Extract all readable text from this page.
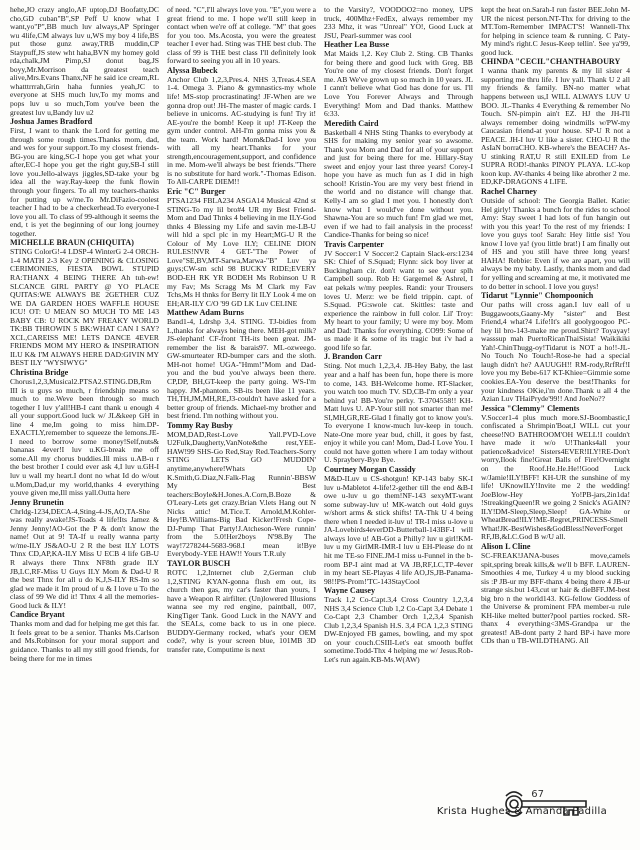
hehe,JO crazy anglo,AF uptop,DJ Boofatty,DC cho,GD cuban"B",SP Peff U know what I want,yo"P",BB much luv always,AP Springer wu 4life,CM always luv u,WS my boy 4 life,BS put those gunz away,TRB muddin,CP Staypuff,JS stew wht haha,BVN my homey gold rda,chalk,JM Pimp,SJ donut bag,JS boyy,Mr.Morrison da greatest teach alive,Mrs.Evans Thanx,NF he said ice cream,RL whatttrrrah,Grin haha funnies yeah,JC to everyone at SHS much luv,To my moms and pops luv u so much,Tom you've been the greatest luv u,Bandy luv u2

Joshua James Bradford

First, I want to thank the Lord for getting me through some rough times.Thanks mom, dad, and wes for your support.To my closest friends-BG-you are king,SC-I hope you get what your after,EC-I hope you get the right guy,SB-I still love you.Jello-always jiggles,SD-take your bg idea all the way.Ray-keep the funk flowin through your fingers. To all my teachers-thanks for putting up w/me.To Mr.DiFazio-coolest teacher I had to be a checkerhead.To everyone-I love you all. To class of 99-although it seems the end, t is yet the beginning of our long journey together.

MICHELLE BRAUN (CHIQUITA)

STING ColorG!-4 LDSP-4 WinterG 2-4 ORCH-1-4 MATH 2-3 Key 2 OPENING & CLOSING CERIMONIES, FIESTA BOWL STUPID RA:THANX 4 BEING THERE Ah tuh-ew! SLCANCE GIRL PARTY @ YO PLACE QUITAS:WE ALWAYS BE 2GETHER CUZ WE DA GARDEN HOES WAFFLE HOUSE ICU! OT: U MEAN SO MUCH TO ME 143 BABY CB: U ROCK MY FREAKY WORLD TK:BB THROWIN 5 BK:WHAT CAN I SAY? XCL,CAREISS ME! LETS DANCE 4EVER FRIENDS MOM MY HERO & INSPIRATION ILU K& I'M ALWAYS HERE DAD:GIVIN MY BEST ILY "WYSIWYG"

Christina Bridge

Chorus1,2,3,Musical2.PTSA2.STING.DB,Rm III is u guys so much, r friendship means so much to me.Weve been through so much together I luv y'all!HB-I cant thank u enough 4 all your support.Good luck w/ JL&keep GH in line 4 me,Im going to miss him.DP-EXACTLY,remember to squeeze the lemons.JE-I need to borrow some money!Self,nuts& bananas 4ever!I luv u.KG-break me off some.All my chorus buddies.Ill miss u.AB-u r the best brother I could ever ask 4,I luv u.GH-I luv u wall my heart.I dont no what Id do w/out u.Mom,Dad,ur my world,thanks 4 everything youve given me,Ill miss yall.Outta here

Jenny Brunetin

Chrldg-1234,DECA-4,Sting-4-JS,AO,TA-She was really awake!JS-Toads 4 life!Its Jamez & Jenny Jenny!AO-Got the P & don't know the name! Out at 9! TA-If u really wanna party w/me-ILY JS&AO-U 2 R the best ILY LOTS Thnx CD,AP,KA-ILY Miss U ECB 4 life GB-U R always there Thnx NF8th grade ILY JB,LC,RF-Miss U Guys ILY Mom & Dad-U R the best Thnx for all u do K,J,S-ILY RS-Im so glad we made it Im proud of u & I love u To the class of 99 We did it! Thnx 4 all the memories-Good luck & ILY!

Candice Bryant

Thanks mom and dad for helping me get this far. It feels great to be a senior. Thanks Ms.Carlson and Ms.Robinson for your moral support and guidance. Thanks to all my still good friends, for being there for me in times

of need. "C",I'll always love you. "E",you were a great friend to me. I hope we'll still keep in contact when we're off at college. "M" that goes for you too. Ms.Acosta, you were the greatest teacher I ever had. Sting was THE best club. The class of 99 is THE best class I'll definitely look forward to seeing you all in 10 years.

Alyssa Bubeck

Anchor Club 1,2,3,Pres.4. NHS 3,Treas.4.SEA 1-4. Omega 3. Piano & gymnastics-my whole life! MS-stop procrastinating! JF-When are we gonna drop out! JH-The master of magic cards. I believe in unicorns. AC-studying is fun! Try it! AE-you're the bomb! Keep it up! JT-Keep the gym under control. AH-I'm gonna miss you & the team. Work hard! Mom&Dad-I love you with all my heart.Thanks for your strength,encouragement,support, and confidence in me. Mom-we'll always be best friends."There is no substitute for hard work."-Thomas Edison. To All-CARPE DIEM!!

Eric "C" Burger

PTSA1234 FBLA234 ASGA14 Musical 42nd st STING-To my lil bro#4 UR my Best Friend-Mom and Dad Thnks 4 believing in me ILY-God thnks 4 Blessing my Life and savin me-LB-U will hld a spcl plc in my Heart;MG-U R the Colour of My Love ILY; CELINE DION RULES!NVR 4 GET-"The Power of Love"SE,BV,MT-Sarwa,Marwa-"B" Luv ya guys;CW-sm schl 98 BUCKY RIDE;EVERY BOD-EH RK YR BODEH Ms Robinson U R my Fav; Ms Scragg Ms M Clark my Fav Tchs,Ms H thnks for Berry lit ILY Look 4 me on EH;AR-ILY C/O '99 GD LK Luv CELINE

Matthew Adam Burns

Band1-4, Ldrshp 3,4. STING. TJ-bidies from L,thanks for always being there. MEH-got milk?JS-elephant! CF-front TH-its been great. JM-remember the list & barais97. ML-ozweego. GW-smurteater RD-bumper cars and the sloth. MH-not home! UGA-"Hmm!"Mom and Dad-you and the bud you've always been there. CP,DP, BH,GT-keep the party going. WS-I'm happy. JM-phantom. SB-its been like 11 years. TH,TH,JM,MH,RE,J3-couldn't have asked for a better group of friends. Michael-my brother and best friend. I'm nothing without you.

Tommy Ray Busby

MOM,DAD,Rest-Love Yall.PVD-Love U2Fulk,Daugherty,VanNote&the rest,YEE-HAW!99 SHS-Go Red,Stay Red.Teachers-Sorry STING LETS GO MUDDIN' anytime,anywhere!Whats Up K.Smith,G.Diaz,N.Falk-Flag Runnin'-BBSW My Best teachers:Boyle&H.Jones.A.Corn,B.Boze & O'Leary-Lets get crazy.Brian V.lets Hang out N Nicks attic! M.Tice.T. Arnold,M.Kohler-Hey!B.Williams-Big Bad Kicker!Fresh Cope-DJ-Pump That Party!J.Atcheson-Were runnin' from the 5.0!Her2boys N'98.By The way!7278244-5683-968.I mean it!Bye Everybody-YEE HAW!! Yours T.R.uly

TAYLOR BUSCH

ROTC 1,2,Internet club 2,German club 1,2,STING KYAN-gonna flush em out, its church then gas, my car's faster than yours, I have a Weapon R airfilter. (Un)lowered Illusions wanna see my red engine, paintball, 007, KingTiger Tank. Good Luck in the NAVY and the SEALs, come back to us in one piece. BUDDY-Germany rocked, what's your OEM code?, why is your screen blue, 101MB 3D transfer rate, Computime is next

to the Varsity?, VOODOO2=no money, UPS truck, 400Mhz+FedEx, always remember my 233 Mhz, it was "Unreal" YO!, Good Luck at JSU, Pearl-summer was cool

Heather Lea Busse

Mat Maids 1,2. Key Club 2. Sting. CB Thanks for being there and good luck with Greg. BB You're one of my closest friends. Don't forget me. AB We've grown up so much in 10 years. JL I cann't believe what God has done for us. I'll Love You Forever Always and Through Everything! Mom and Dad thanks. Matthew 6:33.

Meredith Caird

Basketball 4 NHS Sting Thanks to everybody at SHS for making my senior year so awsome. Thank you Mom and Dad for all of your support and just for being there for me. Hillary-Stay sweet and enjoy your last three years! Corey-I hope you have as much fun as I did in high school! Kristin-You are my very best friend in the world and no distance will change that. Kelly-I am so glad I met you. I honestly don't know what I would've done without you. Shawna-You are so much fun! I'm glad we met, even if we had to fail analysis in the process! Candice-Thanks for being so nice!

Travis Carpenter

JV Soccer:1 V Soccer:2 Captain Slack-ers:1234 SK: Chief of S.Squad; Flynn: sick boy liver at Buckingham cir. don't want to see your splh Campbell soup. Rob H: Gargemel & Ashrel, I eat pekals w/my peeples. Randi: your Trousers loves U. Merz: we be field trippin. capt. of S.Squad. PG:swole cat. Skittles: taste and experience the rainbow in full color. Lil' Troy: My heart to your family; U were my boy. Mom and Dad: Thanks for everything. CO99: Some of us made it & some of its tragic but i'v had a good life so far.

J. Brandon Carr

Sting. Not much 1,2,3,4. JB-Hey Baby, the last year and a half has been fun, hope there is more to come, 143. BH-Welcome home. RT-Slacker, you watch too much TV. SD,CB-I'm only a year behind ya! BB-You're perky. T-3704558!! KH-Matt luvs U. AP-Your still not smarter than me! SI,MH,GR,RE-Glad I finally got to know you's. To everyone I know-much luv-keep in touch. Nate-One more year bud, chill, it goes by fast, enjoy it while you can! Mom, Dad-I Love You. I could not have gotten where I am today without U. Spraybery-Bye Bye.

Courtney Morgan Cassidy

M&D-ILuv u CS-shotgun! KP-143 baby SK-I luv u-Mabletot 4-life!2-gether till the end &B-I owe u-luv u go them!NF-143 sexyMT-want some subway-luv u! MK-watch out 4old guys w/short arms & stick shifts! TA-Thk U 4 being there when I needed it-luv u! TR-I miss u-love u JA-Lovebirds4everDD-Butterball-143BF-I will always love u! AB-Got a Philly? luv u girl!KM-luv u my GirlMR-IMR-I luv u EH-Please do nt hit me TE-so FINE.JM-I miss u-Funnel in the b-room BP-I aint mad at VA JB,RF,LC,TP-4ever in my heart SE-Playas 4 life AO,JS,JB-Panama-98!!PS-Prom!'TC-143StayCool

Wayne Causey

Track 1,2 Co-Capt.3,4 Cross Country 1,2,3,4 NHS 3,4 Science Club 1,2 Co-Capt 3,4 Debate 1 Co-Capt 2,3 Chamber Orch 1,2,3,4 Spanish Club 1,2,3,4 Spanish H.S. 3,4 FCA 1,2,3 STING DW-Enjoyed FB games, bowling, and my spot on your couch.CSIII-Let's eat smooth buffet sometime.Todd-Thx 4 helping me w/ Jesus.Rob-Let's run again.KB-Ms.W(AW)

kept the heat on.Sarah-I run faster BEE.John M-UR the nicest person.NT-Thx for driving to the MT.Tom-Remember IMPACT'S! Wannell-Thx for helping in science team & running. C Paty-My mind's right.C Jesus-Keep tellin'. See ya'99, good luck.

CHINDA "CECIL"CHANTHABOURY

I wanna thank my parents & my lil sister 4 supporting me thru life. I luv yall. Thank U 2 all my friends & family. BN-no matter what happens between us,I WILL ALWAYS LUV U BOO. JL-Thanks 4 Everything & remember No Touch. SN-pimpin ain't EZ. HJ the JH-I'll always remember doing windmills w/PW-my Caucasian friend-at your house. SP-U R not a PEACE. JH-I luv U like a sister. CHO-U R the AsIaN borraCHO. KB-where's the BEACH? As-U stinking RAT,U R still EXILED from Le SUPRA ROD!-thanks PINOY PLAYA. LC-kop koon kup. AV-thanks 4 being like abrother 2 me. ED,KP-DRAGONS 4 LIFE.

Rachel Charney

Outside of school: The Georgia Ballet. Katie: Hel girly! Thanks a bunch for the rides to school Amy: Stay sweet I had lots of fun hangin out with you this year! To the rest of my friends: I love you guys too! Sarah: Hey little sis! You know I love ya! (you little brat!) I am finally out of HS and you still have three long years! HAHA! Rebbie: Even if we are apart, you will always be my baby. Lastly, thanks mom and dad for yelling and screaming at me, it motivated me to do better in school. I love you guys!

Tidarut "Lynnie" Chompoonich

Our paths will cross agan.I luv eall of u Buggawoots,Gaany-My "sister" and Best Friend,4 what?4 Life!It's all goolygoogoo PC-hey lil bro-143-make me proud.Shirt? Toyayay! wasssup mah PuertoRicanThaiSista! Waikikiki Yah!-ChinThugg-oy!Tidarut is NOT a ho!!-JL-No Touch No Touch!-Rose-he had a special laugh didn't he? AAUUGH!! RM-rody,RrfRrf!I love you my Bebe-617 KT-Khiee=Gimmie some cookies.EA-You deserve the best!Thanks for your kindness OKie,i'm done.Thank u all 4 the Azian Luv THaiPryde'99!! And JoeNo??

Jessica "Clemmy" Clements

V.Soccer1-4 plus much more.SJ-Boombastic,I confiscated a Shrimpin'Boat,I WILL cut your cheese!NO BATHROOM'OH WELL!I couldn't have made it w/o U!Thanks4all your patience&advice! Sisters4EVER!ILY!RE-Don't worry,Ilook fine!Great Balls of Fire!Overnight on the Roof.He.He.He!!Good Luck w/Jamie!ILY!BFF! KH-UR the sunshine of my life! UKnowILY!Invite me 2 the wedding! JoeBlow-Hey Yo!PB-jars,2in1da! !StreakingQueen!R we going 2 Snick's AGAIN?ILY!DM-Sleep,Sleep,Sleep! GA-White or WheatBread!ILY!ME-Regret,PRINCESS-Smell What!JK-BestWishes&GodBless!NeverForget RF,JB,&LC.God B w/U all.

Alison L Cline

SC-FREAK!JANA-buses move,camels spit,spring break kills,& we'll b BFF. LAUREN-Smoothies 4 me, Turkey 4 u my blood sucking sis :P JB-ur my BFF-thanx 4 being there 4 JB-ur strange sis.but 143,cut ur hair & dieBFF.JM-best big bro n the world143. KG-fellow Goddess of the Universe & prominent FPA member-u rule KH-like melted butter?pool parties rocked. SR-thanx 4 everything<3MS-Grandpa ur the greatest! AB-dont party 2 hard BP-i have more CDs than u TB-WILDTHANG. All

67
Krista Hughes & Amanda Padilla
